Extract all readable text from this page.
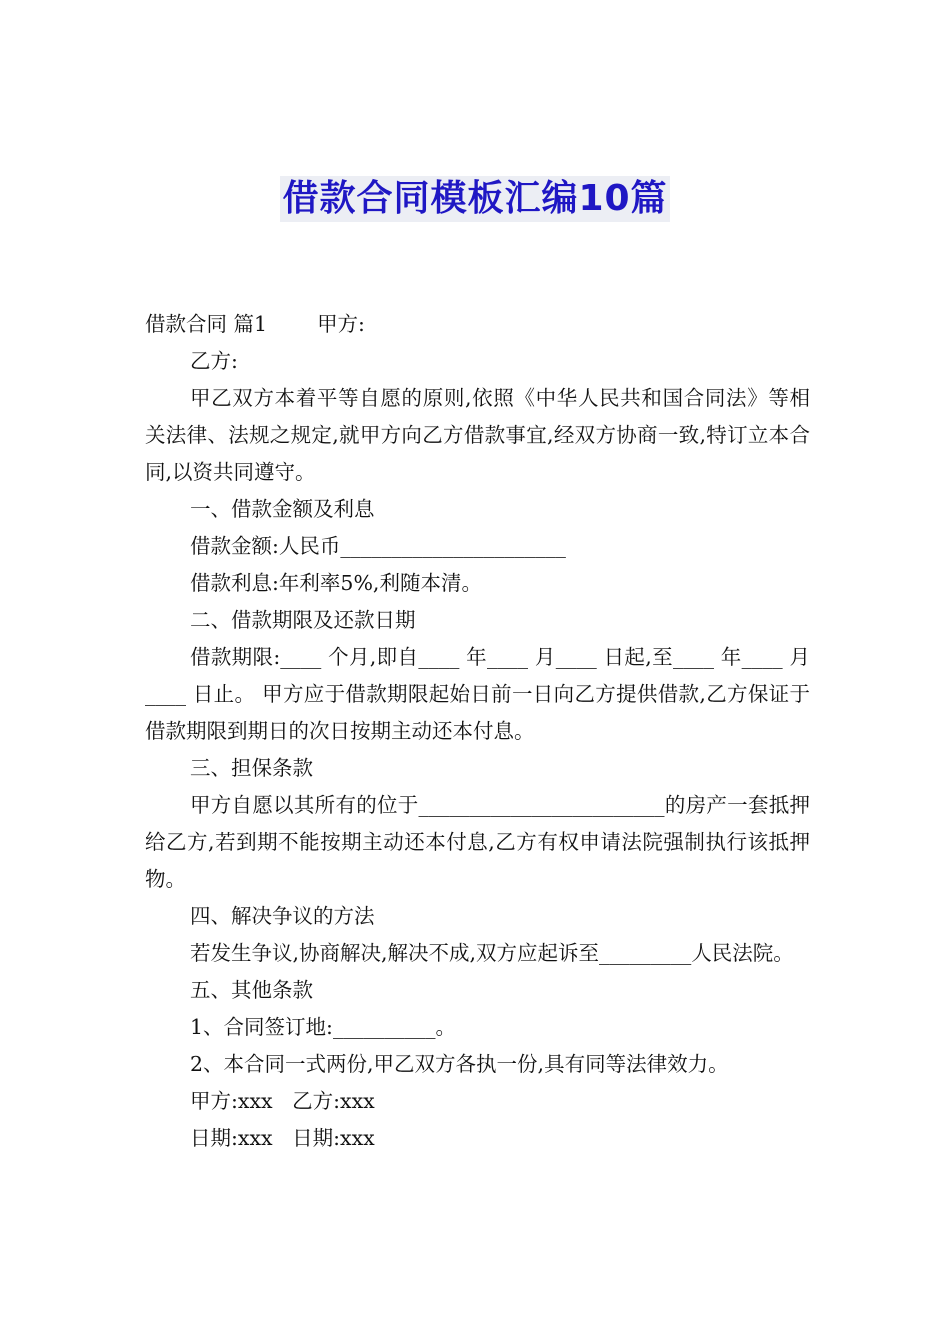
借款合同模板汇编10篇

借款合同 篇1 甲方:

乙方:

甲乙双方本着平等自愿的原则,依照《中华人民共和国合同法》等相关法律、法规之规定,就甲方向乙方借款事宜,经双方协商一致,特订立本合同,以资共同遵守。

一、借款金额及利息

借款金额:人民币______________________

借款利息:年利率5%,利随本清。

二、借款期限及还款日期

借款期限:____ 个月,即自____ 年____ 月____ 日起,至____ 年____ 月____ 日止。 甲方应于借款期限起始日前一日向乙方提供借款,乙方保证于借款期限到期日的次日按期主动还本付息。

三、担保条款

甲方自愿以其所有的位于________________________的房产一套抵押给乙方,若到期不能按期主动还本付息,乙方有权申请法院强制执行该抵押物。

四、解决争议的方法

若发生争议,协商解决,解决不成,双方应起诉至_________人民法院。

五、其他条款

1、合同签订地:__________。

2、本合同一式两份,甲乙双方各执一份,具有同等法律效力。

甲方:xxx   乙方:xxx

日期:xxx   日期:xxx
